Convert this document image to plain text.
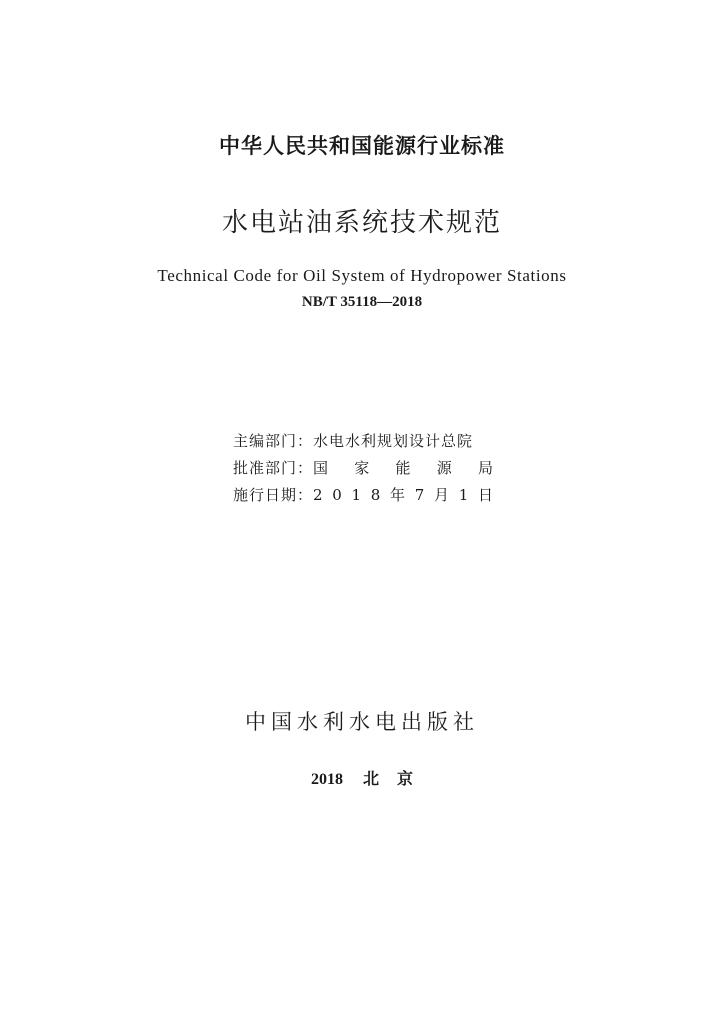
中华人民共和国能源行业标准
水电站油系统技术规范
Technical Code for Oil System of Hydropower Stations
NB/T 35118—2018
主编部门： 水电水利规划设计总院
批准部门： 国 家 能 源 局
施行日期： 2 0 1 8 年 7 月 1 日
中国水利水电出版社
2018 北 京
